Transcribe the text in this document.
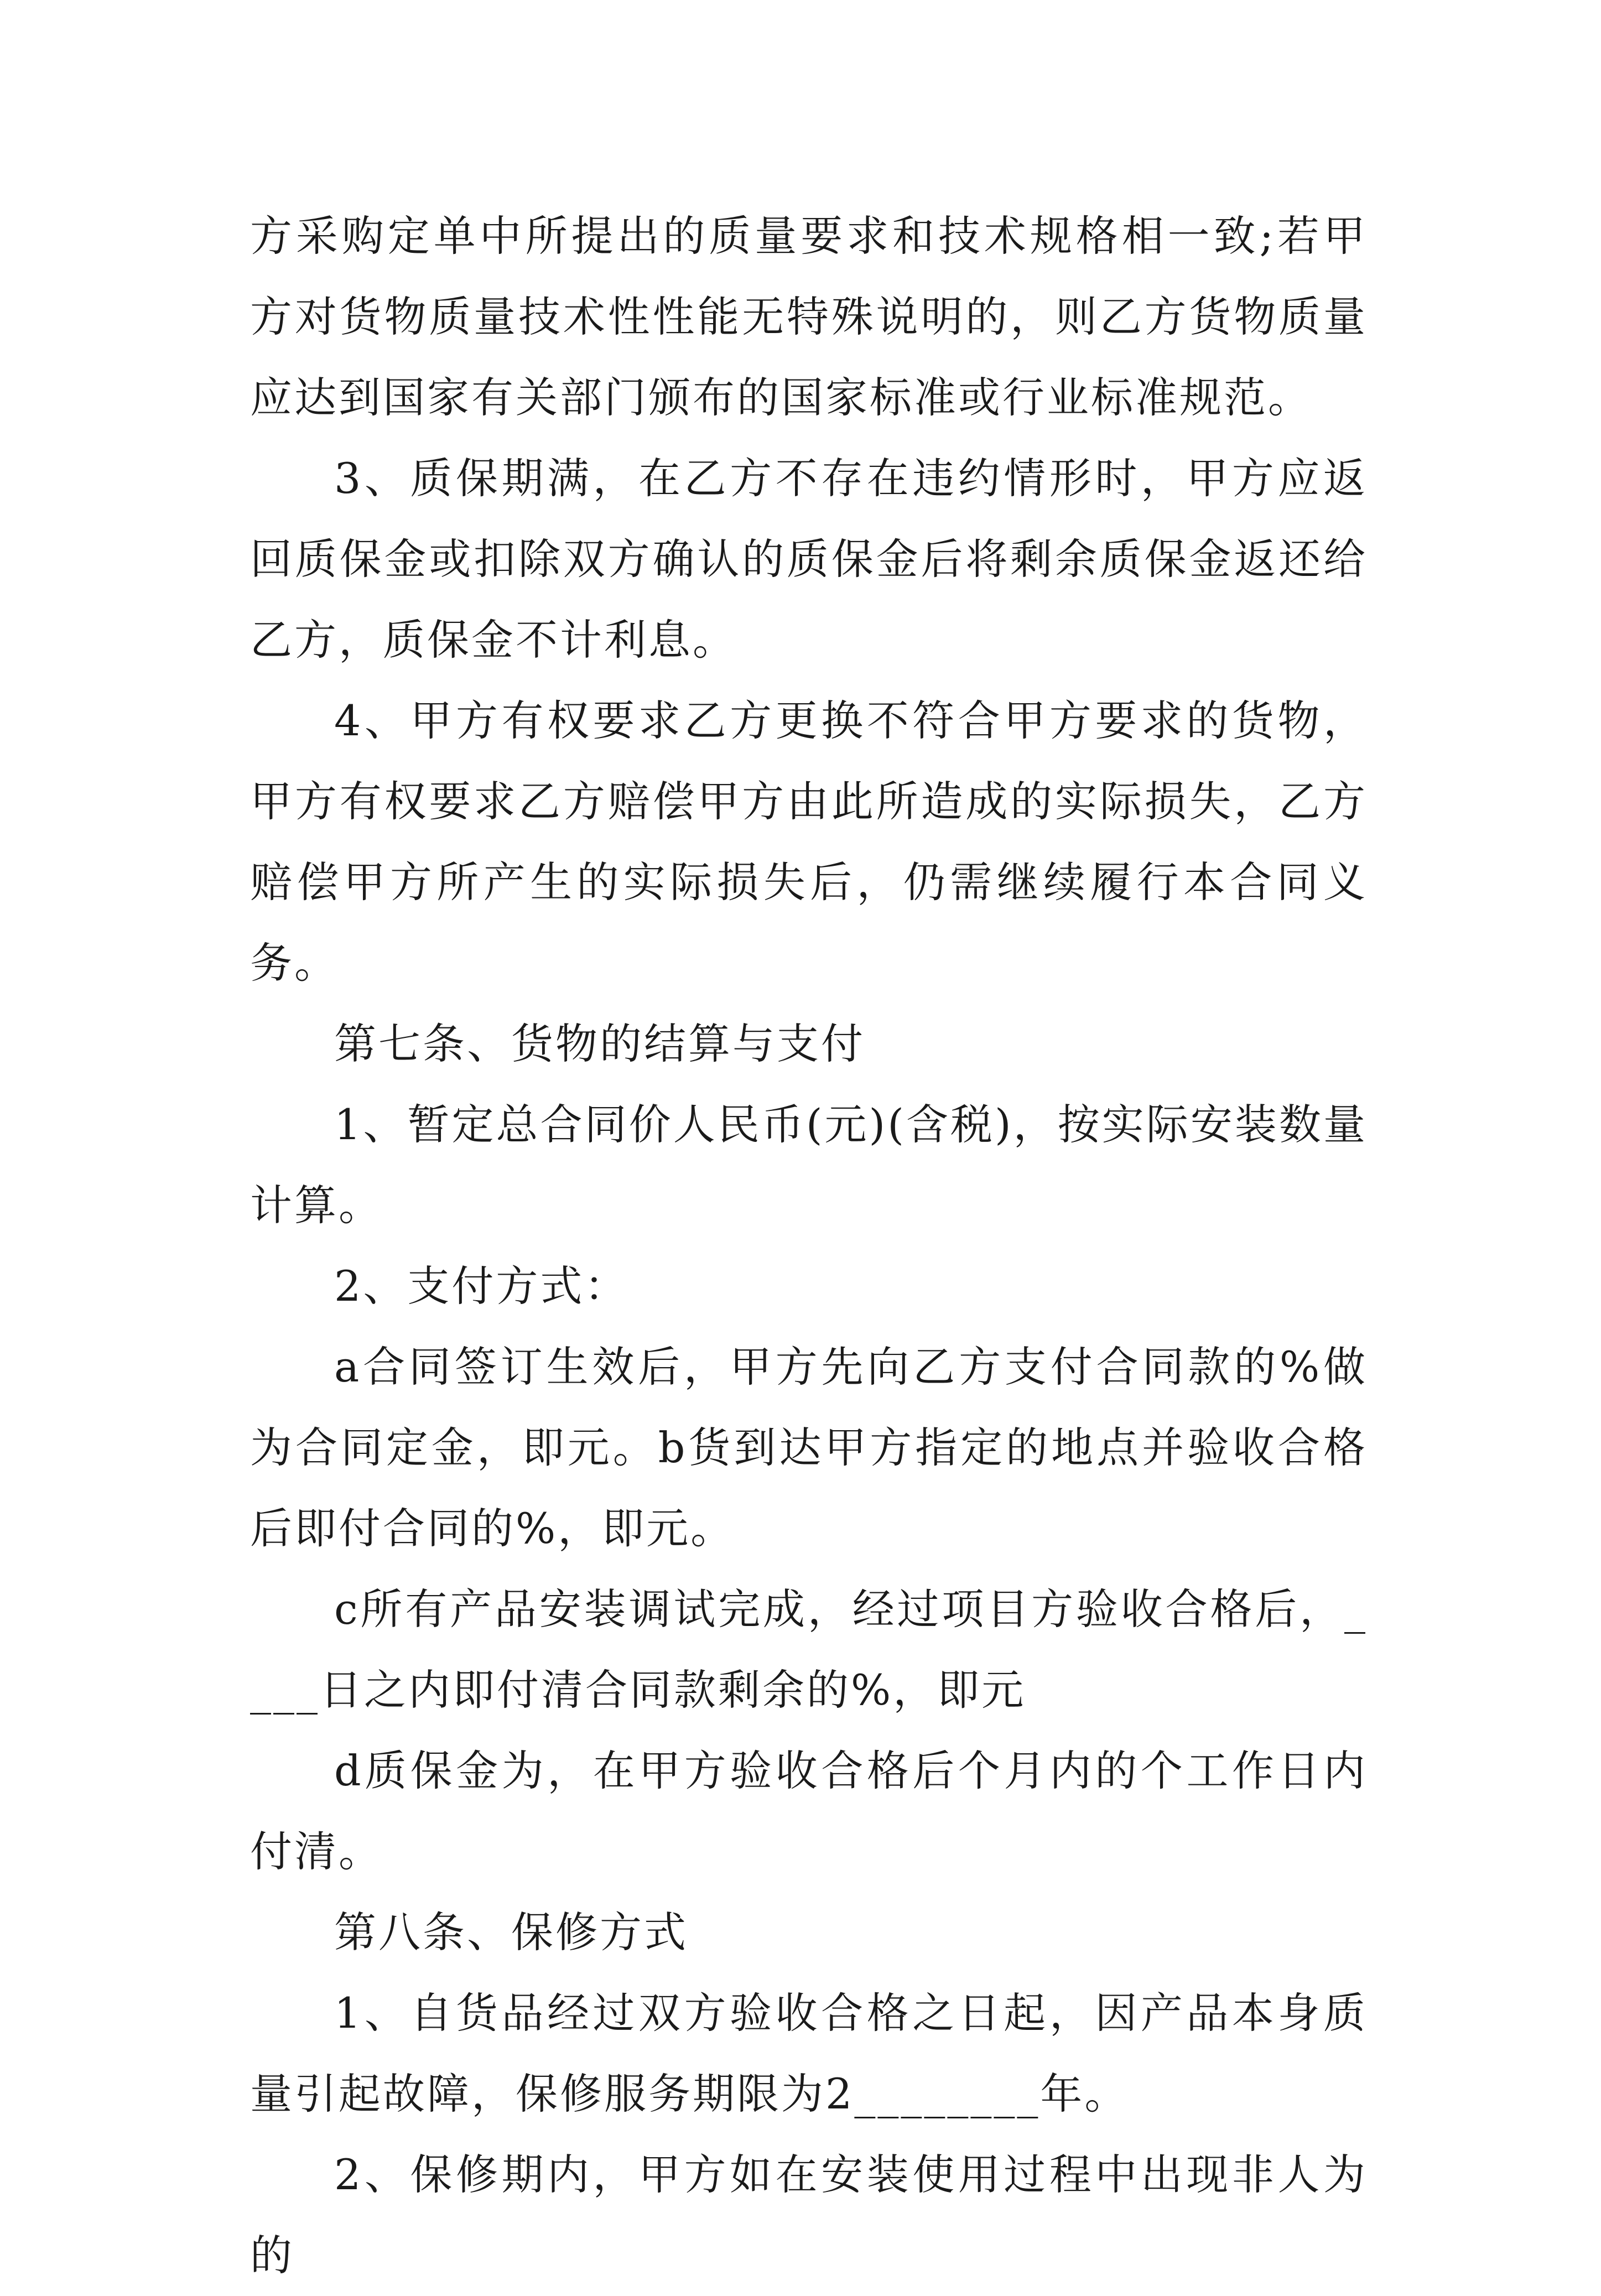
方采购定单中所提出的质量要求和技术规格相一致;若甲方对货物质量技术性性能无特殊说明的，则乙方货物质量应达到国家有关部门颁布的国家标准或行业标准规范。

3、质保期满，在乙方不存在违约情形时，甲方应返回质保金或扣除双方确认的质保金后将剩余质保金返还给乙方，质保金不计利息。

4、甲方有权要求乙方更换不符合甲方要求的货物，甲方有权要求乙方赔偿甲方由此所造成的实际损失，乙方赔偿甲方所产生的实际损失后，仍需继续履行本合同义务。

第七条、货物的结算与支付

1、暂定总合同价人民币(元)(含税)，按实际安装数量计算。

2、支付方式：

a合同签订生效后，甲方先向乙方支付合同款的%做为合同定金，即元。b货到达甲方指定的地点并验收合格后即付合同的%，即元。

c所有产品安装调试完成，经过项目方验收合格后，____日之内即付清合同款剩余的%，即元

d质保金为，在甲方验收合格后个月内的个工作日内付清。

第八条、保修方式

1、自货品经过双方验收合格之日起，因产品本身质量引起故障，保修服务期限为2________年。

2、保修期内，甲方如在安装使用过程中出现非人为的
